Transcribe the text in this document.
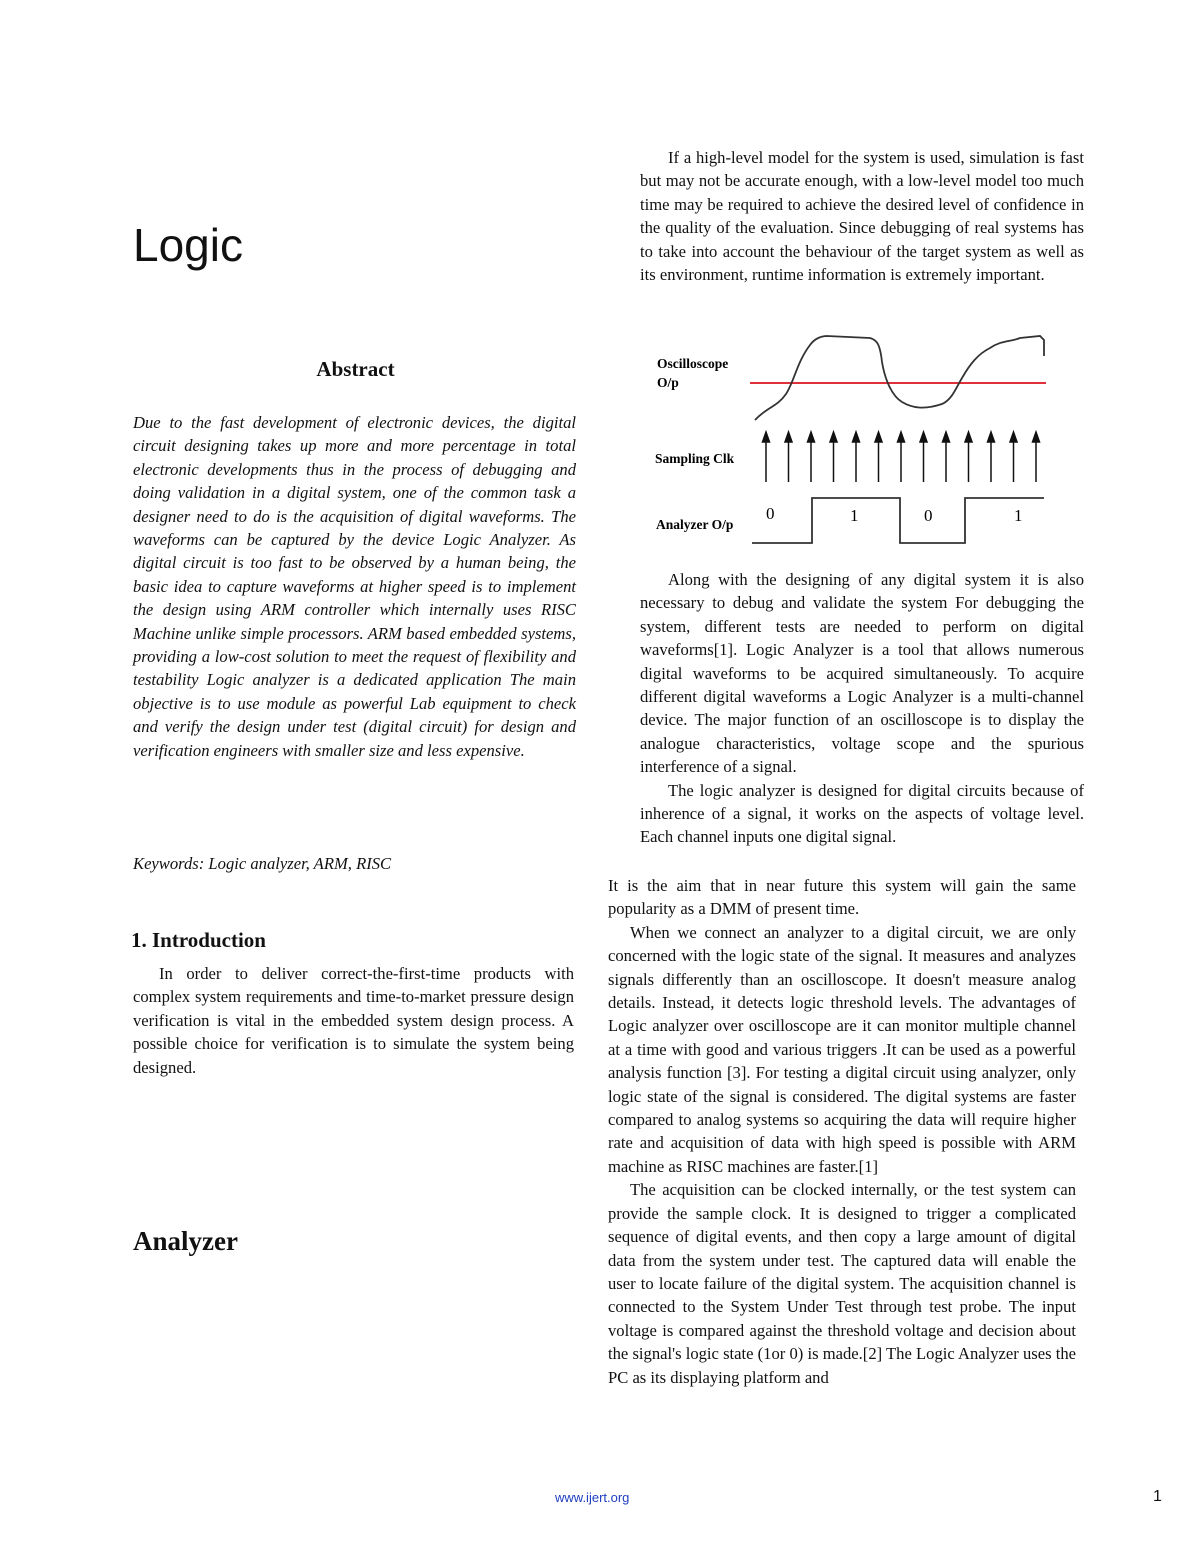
Logic
Abstract
Due to the fast development of electronic devices, the digital circuit designing takes up more and more percentage in total electronic developments thus in the process of debugging and doing validation in a digital system, one of the common task a designer need to do is the acquisition of digital waveforms. The waveforms can be captured by the device Logic Analyzer. As digital circuit is too fast to be observed by a human being, the basic idea to capture waveforms at higher speed is to implement the design using ARM controller which internally uses RISC Machine unlike simple processors. ARM based embedded systems, providing a low-cost solution to meet the request of flexibility and testability Logic analyzer is a dedicated application The main objective is to use module as powerful Lab equipment to check and verify the design under test (digital circuit) for design and verification engineers with smaller size and less expensive.
Keywords: Logic analyzer, ARM, RISC
1. Introduction

In order to deliver correct-the-first-time products with complex system requirements and time-to-market pressure design verification is vital in the embedded system design process. A possible choice for verification is to simulate the system being designed.

Analyzer

If a high-level model for the system is used, simulation is fast but may not be accurate enough, with a low-level model too much time may be required to achieve the desired level of confidence in the quality of the evaluation. Since debugging of real systems has to take into account the behaviour of the target system as well as its environment, runtime information is extremely important.

Oscilloscope
O/p
Sampling Clk
Analyzer O/p
0	1	0	1

Along with the designing of any digital system it is also necessary to debug and validate the system For debugging the system, different tests are needed to perform on digital waveforms[1]. Logic Analyzer is a tool that allows numerous digital waveforms to be acquired simultaneously. To acquire different digital waveforms a Logic Analyzer is a multi-channel device. The major function of an oscilloscope is to display the analogue characteristics, voltage scope and the spurious interference of a signal.

The logic analyzer is designed for digital circuits because of inherence of a signal, it works on the aspects of voltage level. Each channel inputs one digital signal.

It is the aim that in near future this system will gain the same popularity as a DMM of present time.

When we connect an analyzer to a digital circuit, we are only concerned with the logic state of the signal. It measures and analyzes signals differently than an oscilloscope. It doesn't measure analog details. Instead, it detects logic threshold levels. The advantages of Logic analyzer over oscilloscope are it can monitor multiple channel at a time with good and various triggers .It can be used as a powerful analysis function [3]. For testing a digital circuit using analyzer, only logic state of the signal is considered. The digital systems are faster compared to analog systems so acquiring the data will require higher rate and acquisition of data with high speed is possible with ARM machine as RISC machines are faster.[1]

The acquisition can be clocked internally, or the test system can provide the sample clock. It is designed to trigger a complicated sequence of digital events, and then copy a large amount of digital data from the system under test. The captured data will enable the user to locate failure of the digital system. The acquisition channel is connected to the System Under Test through test probe. The input voltage is compared against the threshold voltage and decision about the signal's logic state (1or 0) is made.[2] The Logic Analyzer uses the PC as its displaying platform and

www.ijert.org	1
